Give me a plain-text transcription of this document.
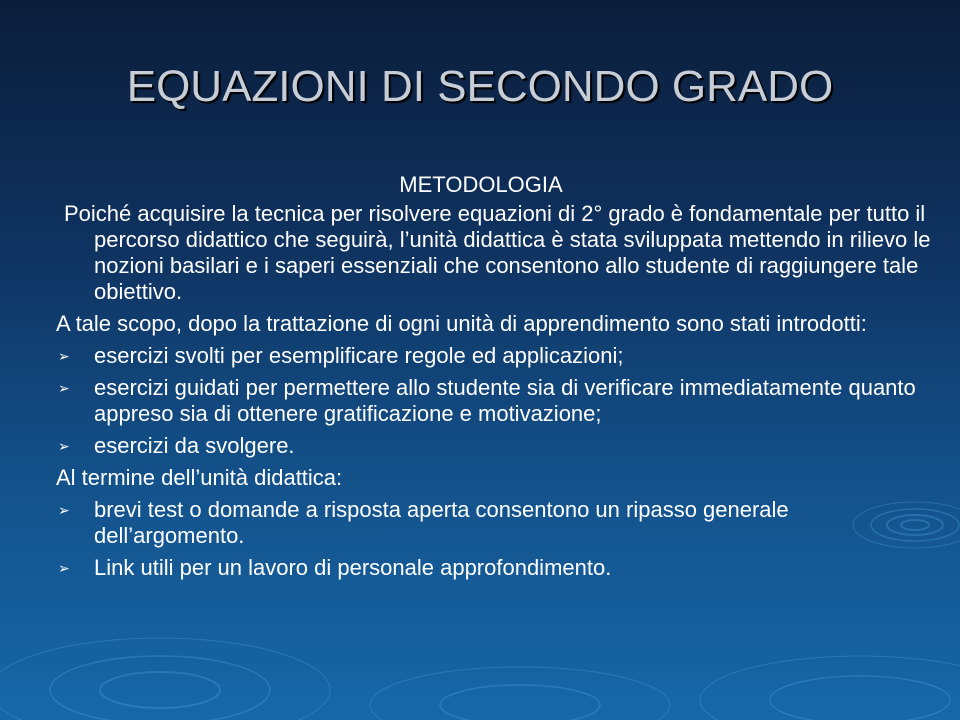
EQUAZIONI DI SECONDO GRADO
METODOLOGIA
Poiché acquisire la tecnica per risolvere equazioni di 2° grado è fondamentale per tutto il percorso didattico che seguirà, l’unità didattica è stata sviluppata mettendo in rilievo le nozioni basilari e i saperi essenziali che consentono allo studente di raggiungere tale obiettivo.
A tale scopo, dopo la trattazione di ogni unità di apprendimento sono stati introdotti:
➢ esercizi svolti per esemplificare regole ed applicazioni;
➢ esercizi guidati per permettere allo studente sia di verificare immediatamente quanto appreso sia di ottenere gratificazione e motivazione;
➢ esercizi da svolgere.
Al termine dell’unità didattica:
➢ brevi test o domande a risposta aperta consentono un ripasso generale dell’argomento.
➢ Link utili per un lavoro di personale approfondimento.
